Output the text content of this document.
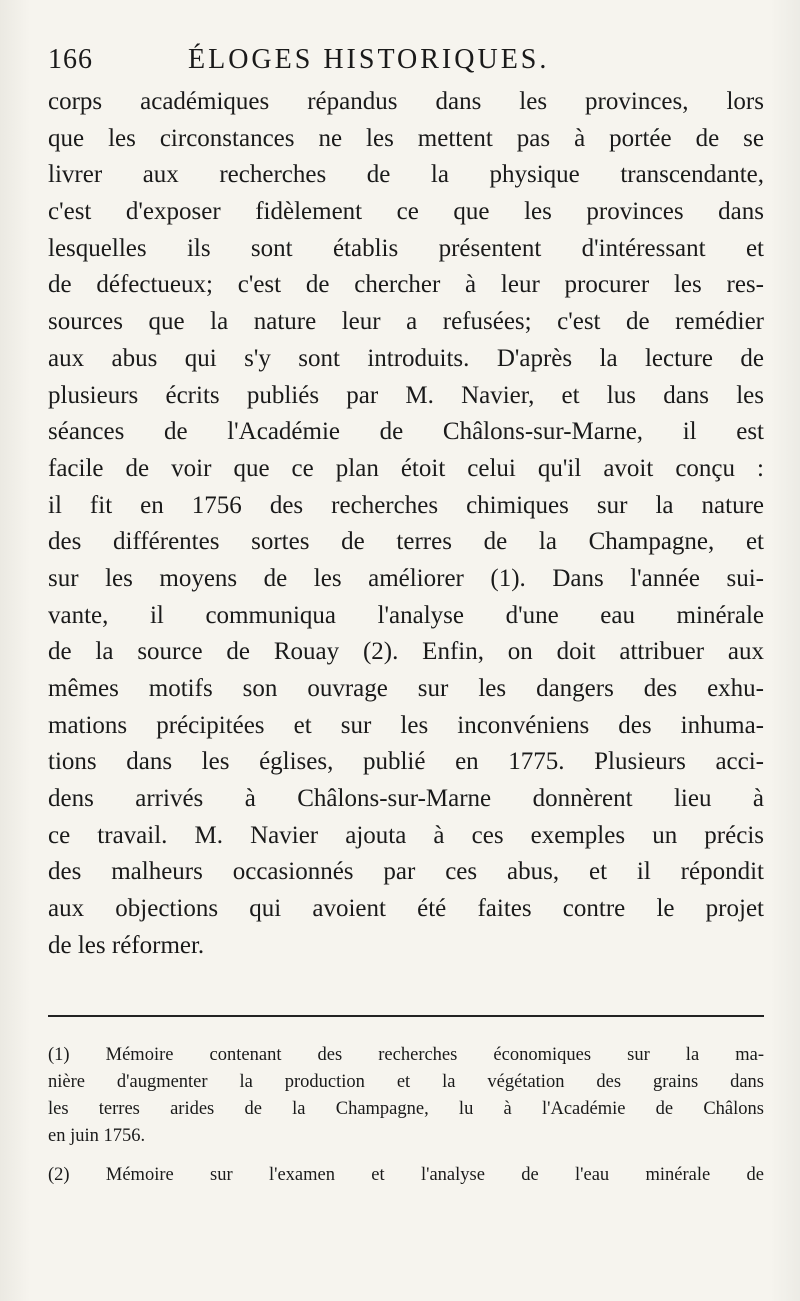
166	ÉLOGES HISTORIQUES.
corps académiques répandus dans les provinces, lors
que les circonstances ne les mettent pas à portée de se
livrer aux recherches de la physique transcendante,
c'est d'exposer fidèlement ce que les provinces dans
lesquelles ils sont établis présentent d'intéressant et
de défectueux; c'est de chercher à leur procurer les res-
sources que la nature leur a refusées; c'est de remédier
aux abus qui s'y sont introduits. D'après la lecture de
plusieurs écrits publiés par M. Navier, et lus dans les
séances de l'Académie de Châlons-sur-Marne, il est
facile de voir que ce plan étoit celui qu'il avoit conçu :
il fit en 1756 des recherches chimiques sur la nature
des différentes sortes de terres de la Champagne, et
sur les moyens de les améliorer (1). Dans l'année sui-
vante, il communiqua l'analyse d'une eau minérale
de la source de Rouay (2). Enfin, on doit attribuer aux
mêmes motifs son ouvrage sur les dangers des exhu-
mations précipitées et sur les inconvéniens des inhuma-
tions dans les églises, publié en 1775. Plusieurs acci-
dens arrivés à Châlons-sur-Marne donnèrent lieu à
ce travail. M. Navier ajouta à ces exemples un précis
des malheurs occasionnés par ces abus, et il répondit
aux objections qui avoient été faites contre le projet
de les réformer.
(1) Mémoire contenant des recherches économiques sur la ma-
nière d'augmenter la production et la végétation des grains dans
les terres arides de la Champagne, lu à l'Académie de Châlons
en juin 1756.
(2) Mémoire sur l'examen et l'analyse de l'eau minérale de
